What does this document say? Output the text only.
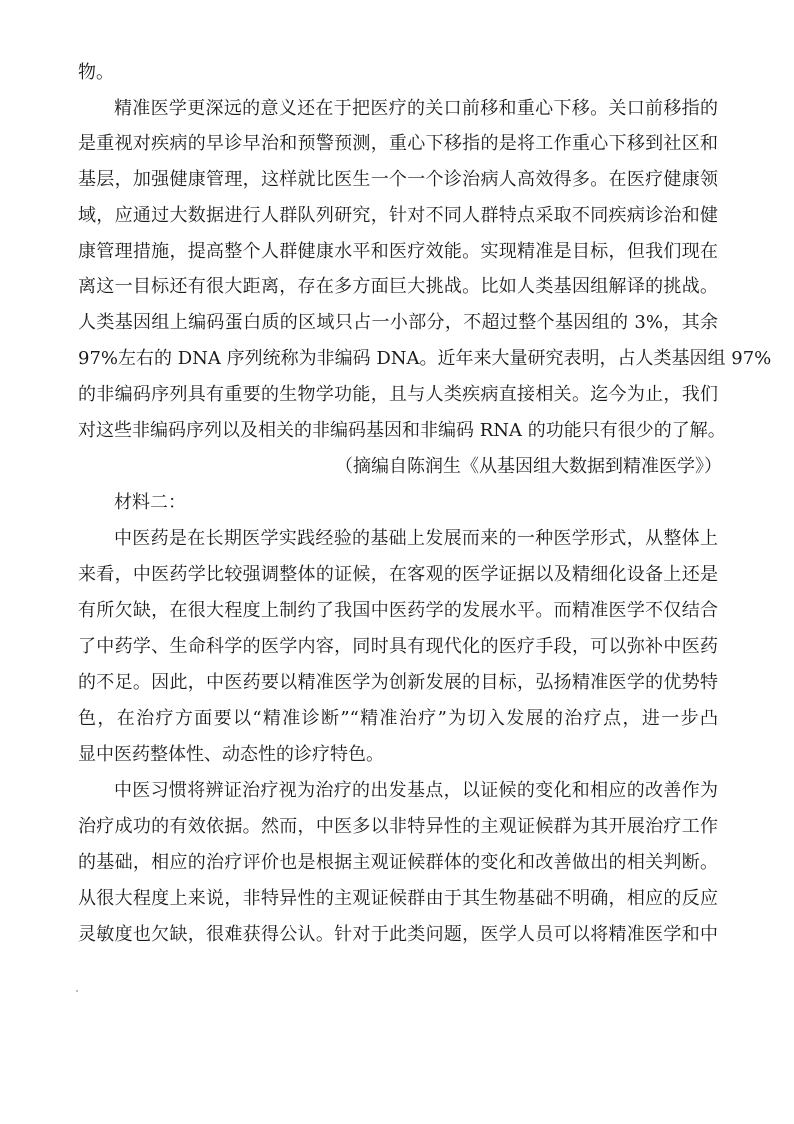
物。
精准医学更深远的意义还在于把医疗的关口前移和重心下移。关口前移指的
是重视对疾病的早诊早治和预警预测，重心下移指的是将工作重心下移到社区和
基层，加强健康管理，这样就比医生一个一个诊治病人高效得多。在医疗健康领
域，应通过大数据进行人群队列研究，针对不同人群特点采取不同疾病诊治和健
康管理措施，提高整个人群健康水平和医疗效能。实现精准是目标，但我们现在
离这一目标还有很大距离，存在多方面巨大挑战。比如人类基因组解译的挑战。
人类基因组上编码蛋白质的区域只占一小部分，不超过整个基因组的 3%，其余
97%左右的 DNA 序列统称为非编码 DNA。近年来大量研究表明，占人类基因组 97%
的非编码序列具有重要的生物学功能，且与人类疾病直接相关。迄今为止，我们
对这些非编码序列以及相关的非编码基因和非编码 RNA 的功能只有很少的了解。
（摘编自陈润生《从基因组大数据到精准医学》）
材料二：
中医药是在长期医学实践经验的基础上发展而来的一种医学形式，从整体上
来看，中医药学比较强调整体的证候，在客观的医学证据以及精细化设备上还是
有所欠缺，在很大程度上制约了我国中医药学的发展水平。而精准医学不仅结合
了中药学、生命科学的医学内容，同时具有现代化的医疗手段，可以弥补中医药
的不足。因此，中医药要以精准医学为创新发展的目标，弘扬精准医学的优势特
色，在治疗方面要以“精准诊断”“精准治疗”为切入发展的治疗点，进一步凸
显中医药整体性、动态性的诊疗特色。
中医习惯将辨证治疗视为治疗的出发基点，以证候的变化和相应的改善作为
治疗成功的有效依据。然而，中医多以非特异性的主观证候群为其开展治疗工作
的基础，相应的治疗评价也是根据主观证候群体的变化和改善做出的相关判断。
从很大程度上来说，非特异性的主观证候群由于其生物基础不明确，相应的反应
灵敏度也欠缺，很难获得公认。针对于此类问题，医学人员可以将精准医学和中
